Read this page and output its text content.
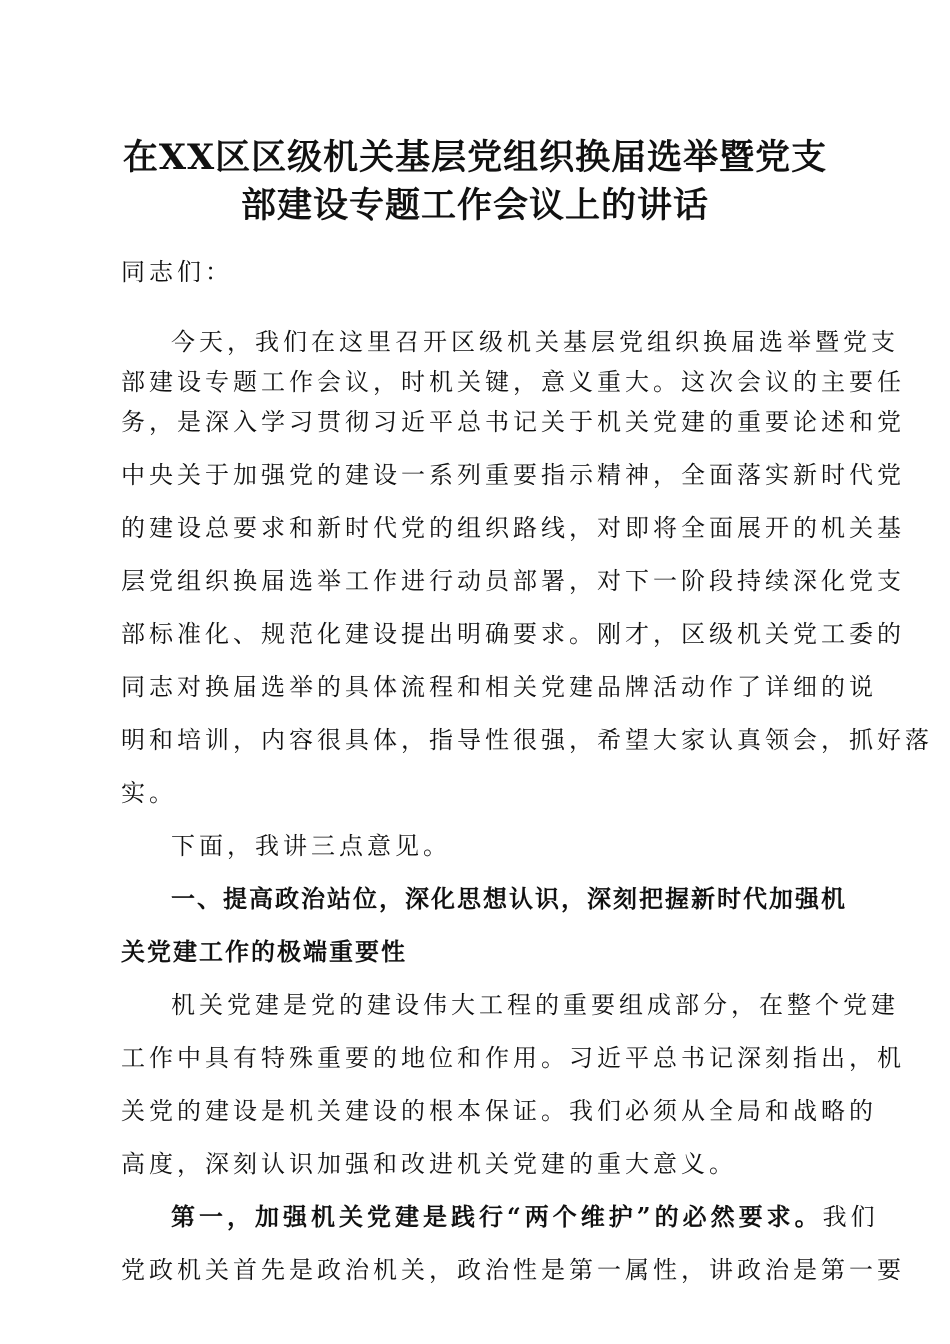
在XX区区级机关基层党组织换届选举暨党支
部建设专题工作会议上的讲话
同志们：
今天，我们在这里召开区级机关基层党组织换届选举暨党支
部建设专题工作会议，时机关键，意义重大。这次会议的主要任
务，是深入学习贯彻习近平总书记关于机关党建的重要论述和党
中央关于加强党的建设一系列重要指示精神，全面落实新时代党
的建设总要求和新时代党的组织路线，对即将全面展开的机关基
层党组织换届选举工作进行动员部署，对下一阶段持续深化党支
部标准化、规范化建设提出明确要求。刚才，区级机关党工委的
同志对换届选举的具体流程和相关党建品牌活动作了详细的说
明和培训，内容很具体，指导性很强，希望大家认真领会，抓好落
实。
下面，我讲三点意见。
一、提高政治站位，深化思想认识，深刻把握新时代加强机
关党建工作的极端重要性
机关党建是党的建设伟大工程的重要组成部分，在整个党建
工作中具有特殊重要的地位和作用。习近平总书记深刻指出，机
关党的建设是机关建设的根本保证。我们必须从全局和战略的
高度，深刻认识加强和改进机关党建的重大意义。
第一，加强机关党建是践行“两个维护”的必然要求。我们
党政机关首先是政治机关，政治性是第一属性，讲政治是第一要
